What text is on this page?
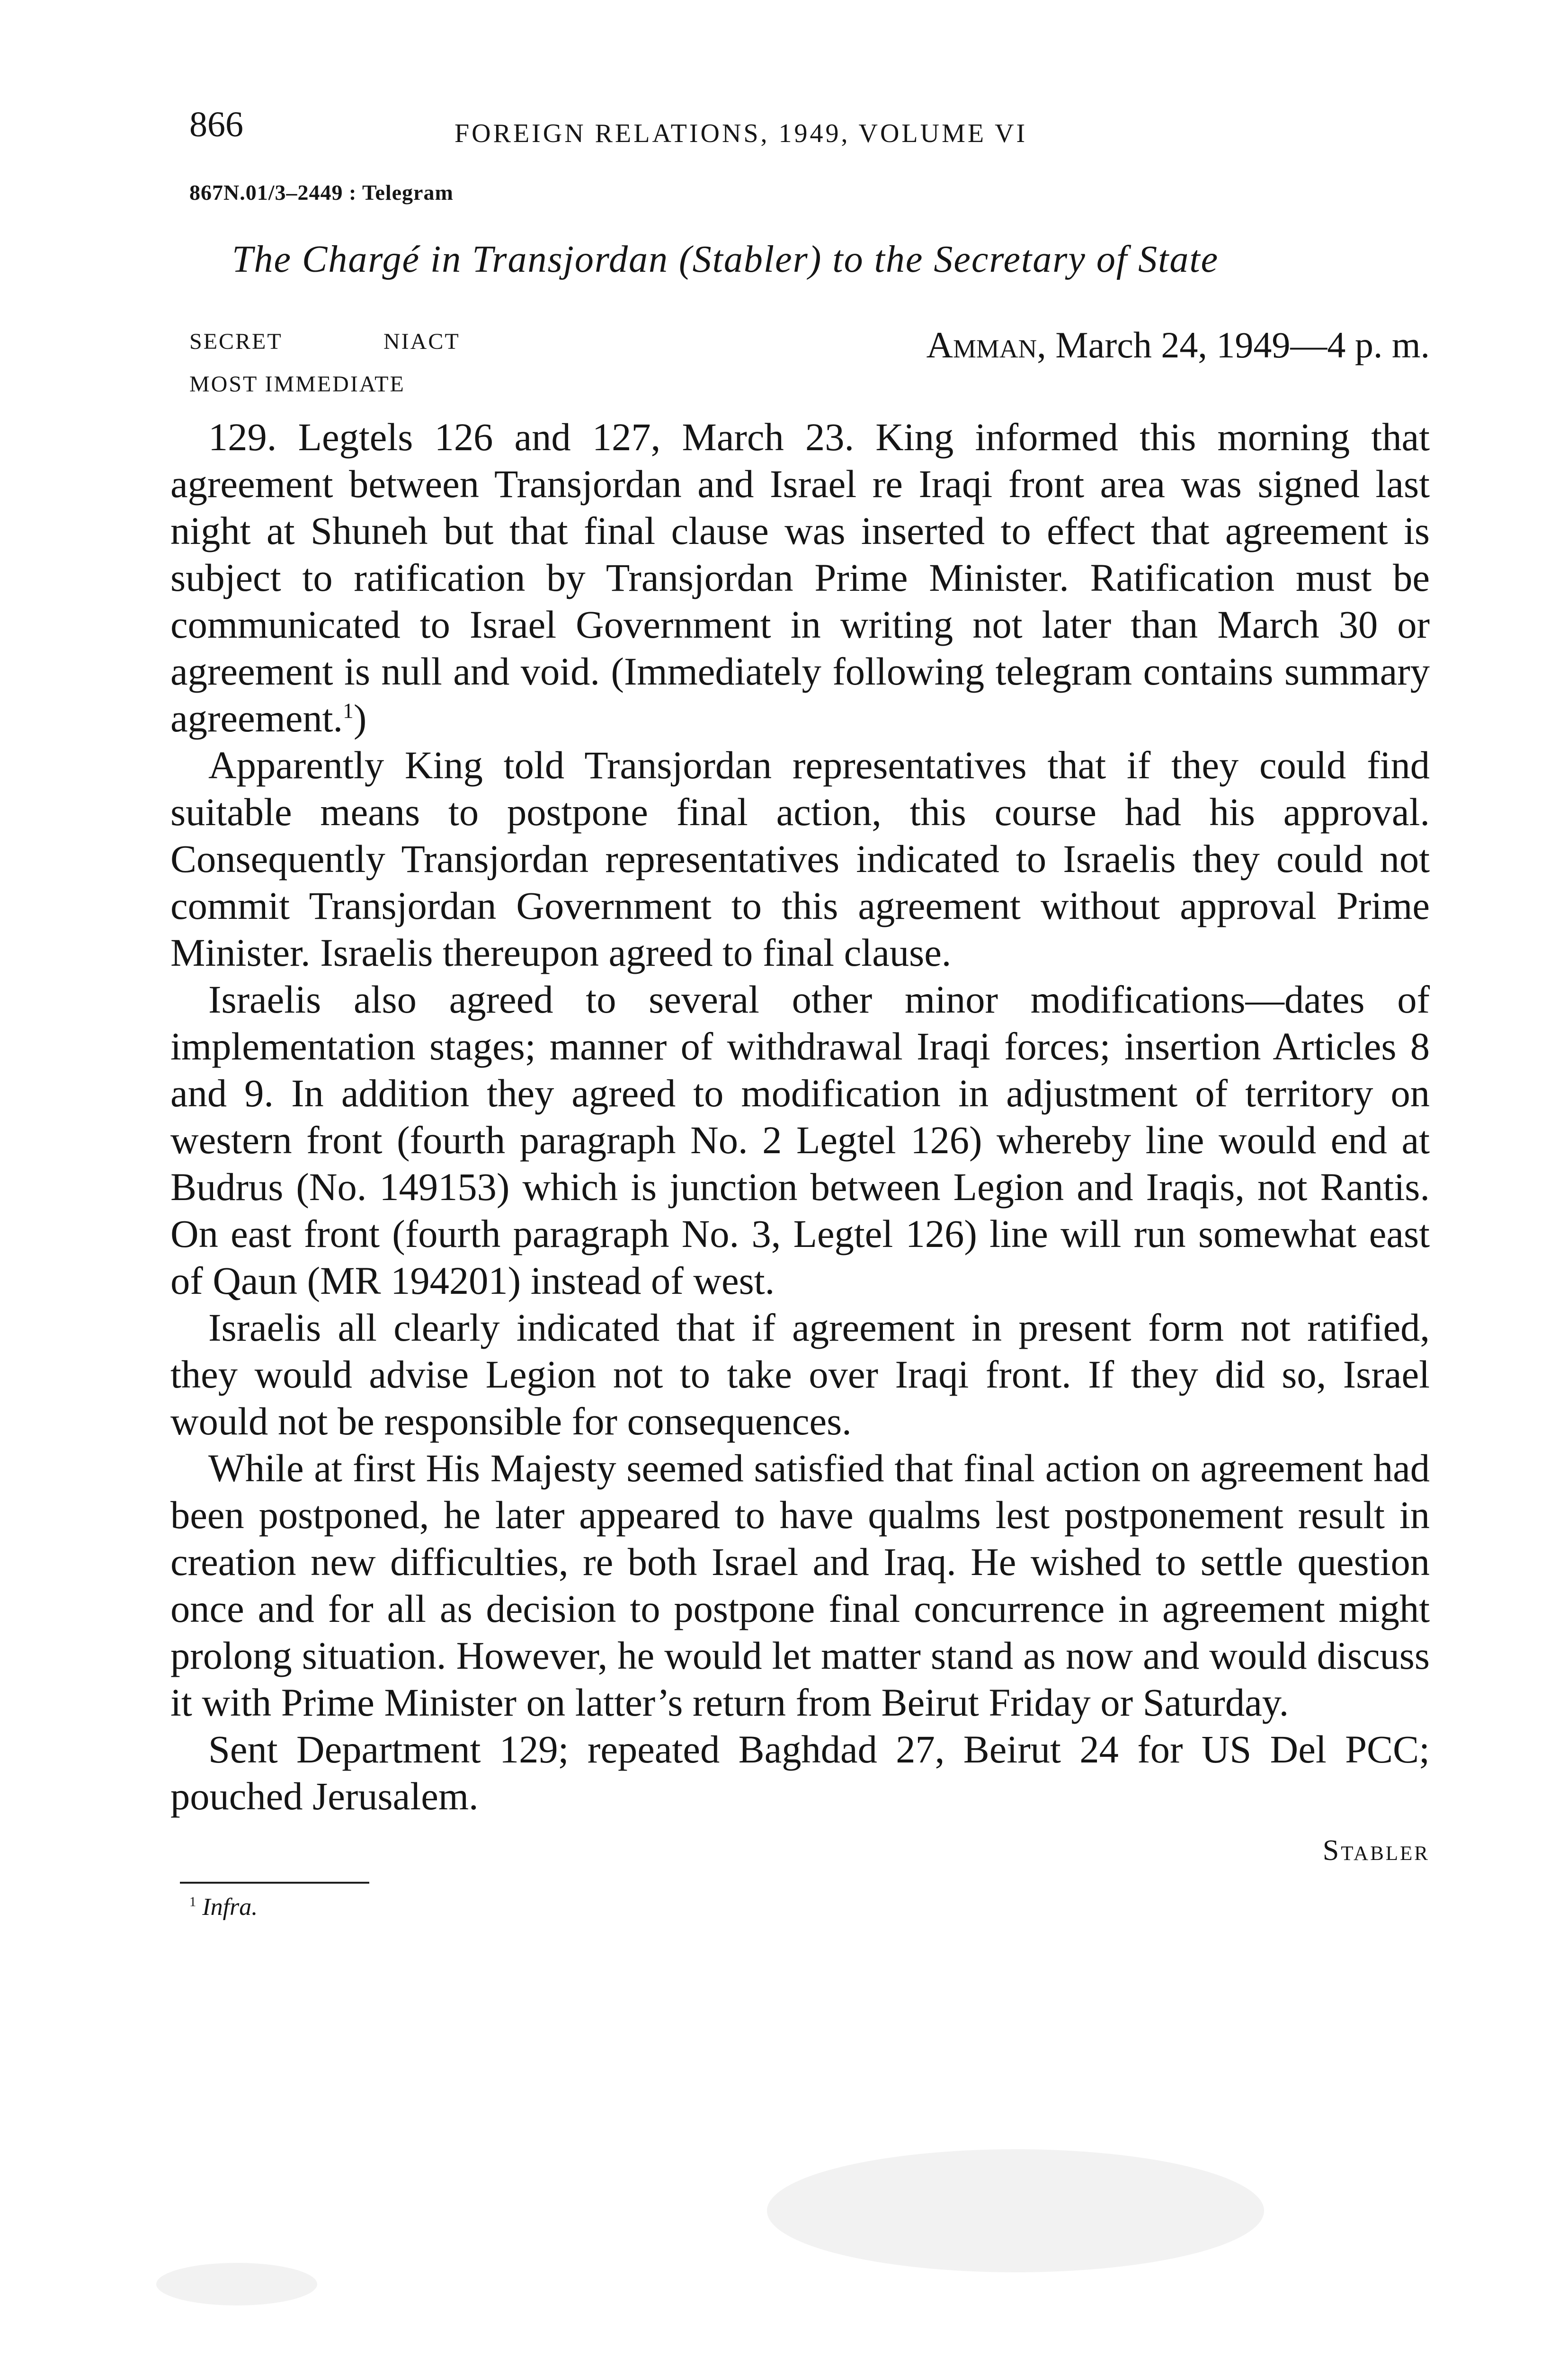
866	FOREIGN RELATIONS, 1949, VOLUME VI
867N.01/3–2449 : Telegram
The Chargé in Transjordan (Stabler) to the Secretary of State
SECRET	NIACT
MOST IMMEDIATE
Amman, March 24, 1949—4 p. m.

129. Legtels 126 and 127, March 23. King informed this morning that agreement between Transjordan and Israel re Iraqi front area was signed last night at Shuneh but that final clause was inserted to effect that agreement is subject to ratification by Transjordan Prime Minister. Ratification must be communicated to Israel Government in writing not later than March 30 or agreement is null and void. (Immediately following telegram contains summary agreement.$^1$)

Apparently King told Transjordan representatives that if they could find suitable means to postpone final action, this course had his approval. Consequently Transjordan representatives indicated to Israelis they could not commit Transjordan Government to this agreement without approval Prime Minister. Israelis thereupon agreed to final clause.

Israelis also agreed to several other minor modifications—dates of implementation stages; manner of withdrawal Iraqi forces; insertion Articles 8 and 9. In addition they agreed to modification in adjustment of territory on western front (fourth paragraph No. 2 Legtel 126) whereby line would end at Budrus (No. 149153) which is junction between Legion and Iraqis, not Rantis. On east front (fourth paragraph No. 3, Legtel 126) line will run somewhat east of Qaun (MR 194201) instead of west.

Israelis all clearly indicated that if agreement in present form not ratified, they would advise Legion not to take over Iraqi front. If they did so, Israel would not be responsible for consequences.

While at first His Majesty seemed satisfied that final action on agreement had been postponed, he later appeared to have qualms lest postponement result in creation new difficulties, re both Israel and Iraq. He wished to settle question once and for all as decision to postpone final concurrence in agreement might prolong situation. However, he would let matter stand as now and would discuss it with Prime Minister on latter’s return from Beirut Friday or Saturday.

Sent Department 129; repeated Baghdad 27, Beirut 24 for US Del PCC; pouched Jerusalem.

Stabler
$^1$ Infra.
